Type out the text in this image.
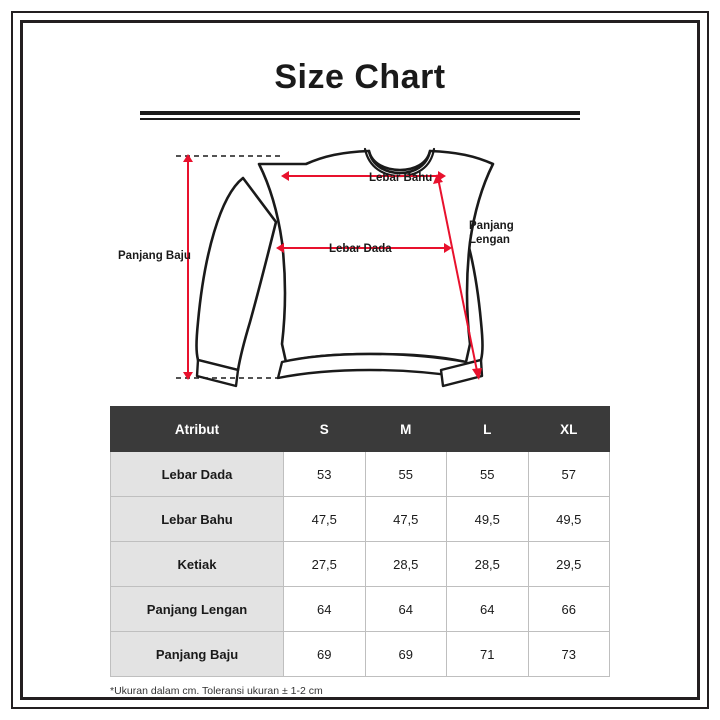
Size Chart
Panjang Baju
Lebar Bahu
Lebar Dada
Panjang Lengan
Atribut	S	M	L	XL
Lebar Dada	53	55	55	57
Lebar Bahu	47,5	47,5	49,5	49,5
Ketiak	27,5	28,5	28,5	29,5
Panjang Lengan	64	64	64	66
Panjang Baju	69	69	71	73
*Ukuran dalam cm. Toleransi ukuran ± 1-2 cm
